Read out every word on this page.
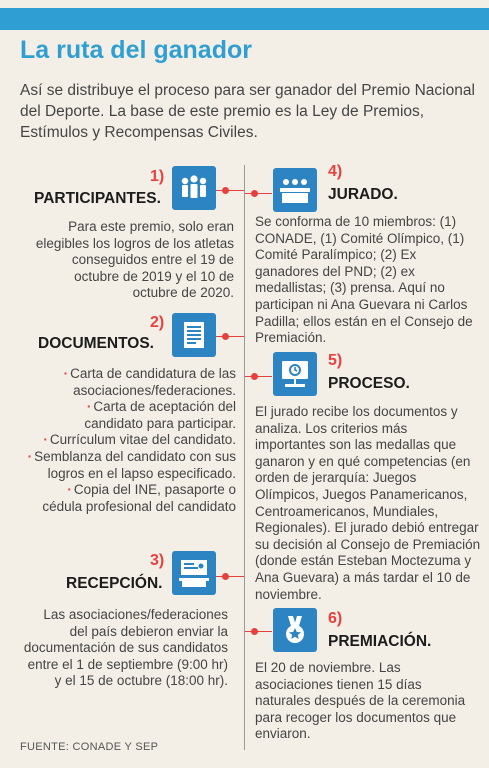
La ruta del ganador
Así se distribuye el proceso para ser ganador del Premio Nacional del Deporte. La base de este premio es la Ley de Premios, Estímulos y Recompensas Civiles.
1)
PARTICIPANTES.
Para este premio, solo eran elegibles los logros de los atletas conseguidos entre el 19 de octubre de 2019 y el 10 de octubre de 2020.
2)
DOCUMENTOS.
· Carta de candidatura de las asociaciones/federaciones.
· Carta de aceptación del candidato para participar.
· Currículum vitae del candidato.
· Semblanza del candidato con sus logros en el lapso especificado.
· Copia del INE, pasaporte o cédula profesional del candidato
3)
RECEPCIÓN.
Las asociaciones/federaciones del país debieron enviar la documentación de sus candidatos entre el 1 de septiembre (9:00 hr) y el 15 de octubre (18:00 hr).
4)
JURADO.
Se conforma de 10 miembros: (1) CONADE, (1) Comité Olímpico, (1) Comité Paralímpico; (2) Ex ganadores del PND; (2) ex medallistas; (3) prensa. Aquí no participan ni Ana Guevara ni Carlos Padilla; ellos están en el Consejo de Premiación.
5)
PROCESO.
El jurado recibe los documentos y analiza. Los criterios más importantes son las medallas que ganaron y en qué competencias (en orden de jerarquía: Juegos Olímpicos, Juegos Panamericanos, Centroamericanos, Mundiales, Regionales). El jurado debió entregar su decisión al Consejo de Premiación (donde están Esteban Moctezuma y Ana Guevara) a más tardar el 10 de noviembre.
6)
PREMIACIÓN.
El 20 de noviembre. Las asociaciones tienen 15 días naturales después de la ceremonia para recoger los documentos que enviaron.
FUENTE: CONADE Y SEP
